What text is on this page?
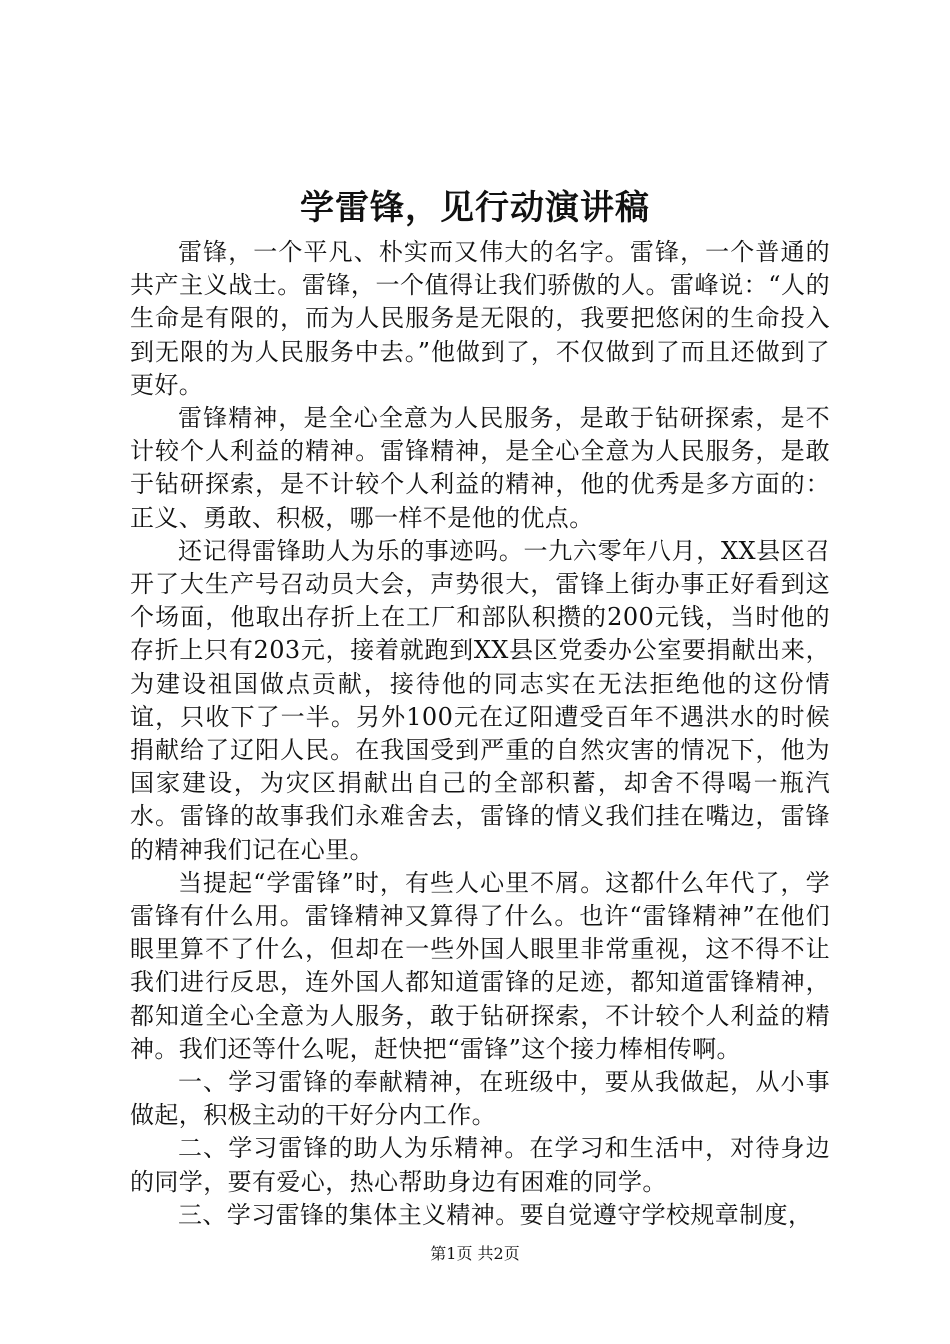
学雷锋，见行动演讲稿

雷锋，一个平凡、朴实而又伟大的名字。雷锋，一个普通的共产主义战士。雷锋，一个值得让我们骄傲的人。雷峰说：“人的生命是有限的，而为人民服务是无限的，我要把悠闲的生命投入到无限的为人民服务中去。”他做到了，不仅做到了而且还做到了更好。

雷锋精神，是全心全意为人民服务，是敢于钻研探索，是不计较个人利益的精神。雷锋精神，是全心全意为人民服务，是敢于钻研探索，是不计较个人利益的精神，他的优秀是多方面的：正义、勇敢、积极，哪一样不是他的优点。

还记得雷锋助人为乐的事迹吗。一九六零年八月，XX县区召开了大生产号召动员大会，声势很大，雷锋上街办事正好看到这个场面，他取出存折上在工厂和部队积攒的200元钱，当时他的存折上只有203元，接着就跑到XX县区党委办公室要捐献出来，为建设祖国做点贡献，接待他的同志实在无法拒绝他的这份情谊，只收下了一半。另外100元在辽阳遭受百年不遇洪水的时候捐献给了辽阳人民。在我国受到严重的自然灾害的情况下，他为国家建设，为灾区捐献出自己的全部积蓄，却舍不得喝一瓶汽水。雷锋的故事我们永难舍去，雷锋的情义我们挂在嘴边，雷锋的精神我们记在心里。

当提起“学雷锋”时，有些人心里不屑。这都什么年代了，学雷锋有什么用。雷锋精神又算得了什么。也许“雷锋精神”在他们眼里算不了什么，但却在一些外国人眼里非常重视，这不得不让我们进行反思，连外国人都知道雷锋的足迹，都知道雷锋精神，都知道全心全意为人服务，敢于钻研探索，不计较个人利益的精神。我们还等什么呢，赶快把“雷锋”这个接力棒相传啊。

一、学习雷锋的奉献精神，在班级中，要从我做起，从小事做起，积极主动的干好分内工作。

二、学习雷锋的助人为乐精神。在学习和生活中，对待身边的同学，要有爱心，热心帮助身边有困难的同学。

三、学习雷锋的集体主义精神。要自觉遵守学校规章制度，

第1页 共2页
